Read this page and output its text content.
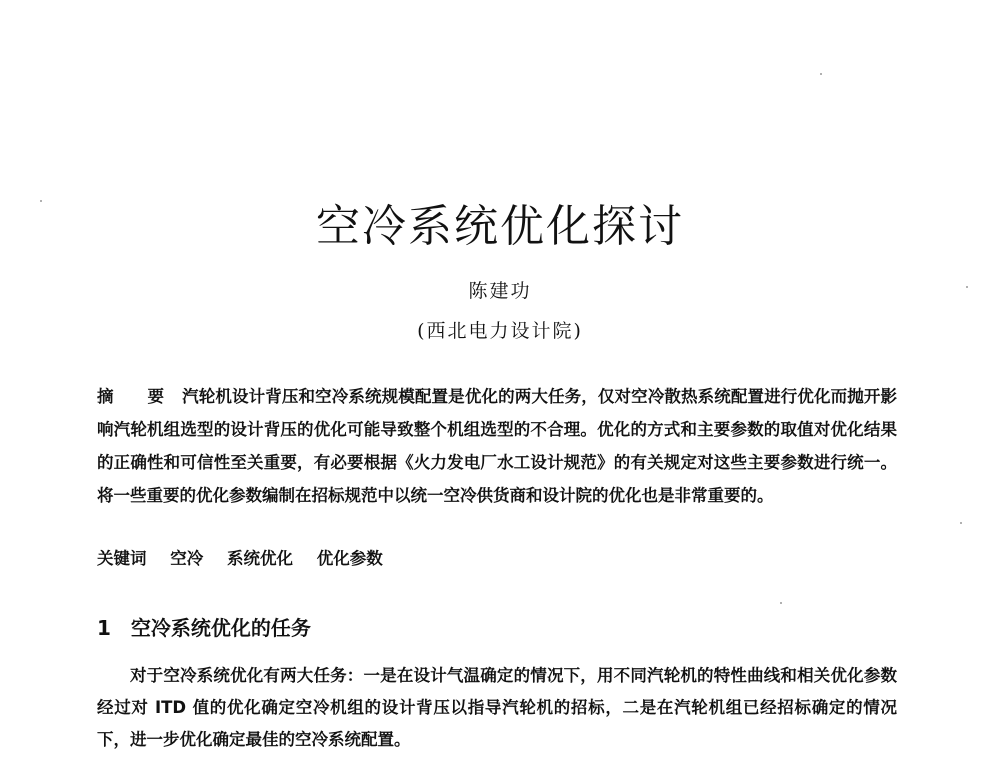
空冷系统优化探讨
陈建功
(西北电力设计院)
摘 要 汽轮机设计背压和空冷系统规模配置是优化的两大任务，仅对空冷散热系统配置进行优化而抛开影响汽轮机组选型的设计背压的优化可能导致整个机组选型的不合理。优化的方式和主要参数的取值对优化结果的正确性和可信性至关重要，有必要根据《火力发电厂水工设计规范》的有关规定对这些主要参数进行统一。将一些重要的优化参数编制在招标规范中以统一空冷供货商和设计院的优化也是非常重要的。
关键词 空冷 系统优化 优化参数
1 空冷系统优化的任务
对于空冷系统优化有两大任务：一是在设计气温确定的情况下，用不同汽轮机的特性曲线和相关优化参数经过对 ITD 值的优化确定空冷机组的设计背压以指导汽轮机的招标，二是在汽轮机组已经招标确定的情况下，进一步优化确定最佳的空冷系统配置。
